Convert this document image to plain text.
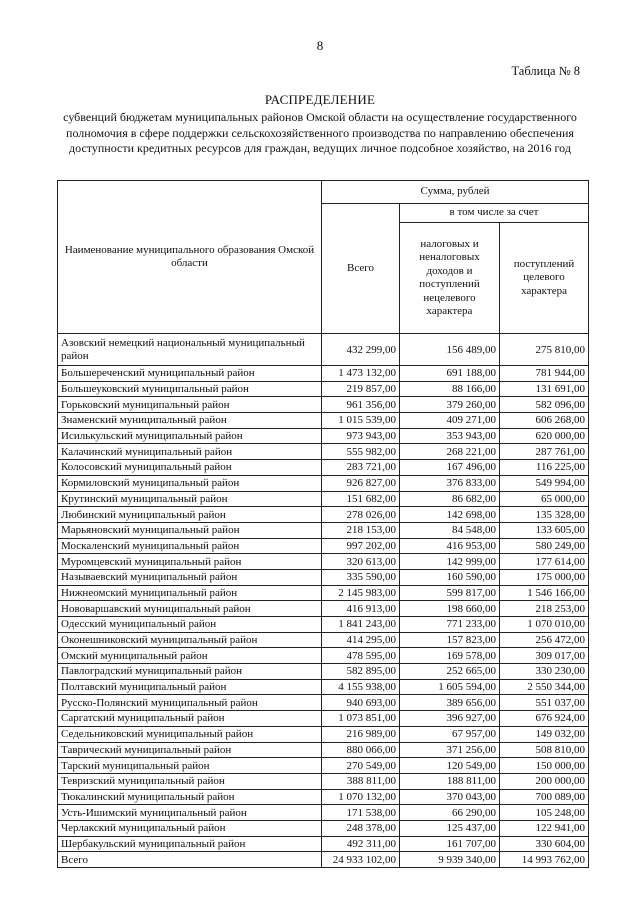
8
Таблица № 8
РАСПРЕДЕЛЕНИЕ
субвенций бюджетам муниципальных районов Омской области на осуществление государственного полномочия в сфере поддержки сельскохозяйственного производства по направлению обеспечения доступности кредитных ресурсов для граждан, ведущих личное подсобное хозяйство, на 2016 год
Наименование муниципального образования Омской области	Сумма, рублей		
	Всего	в том числе за счет	
		налоговых и неналоговых доходов и поступлений нецелевого характера	поступлений целевого характера
Азовский немецкий национальный муниципальный район	432 299,00	156 489,00	275 810,00
Большереченский муниципальный район	1 473 132,00	691 188,00	781 944,00
Большеуковский муниципальный район	219 857,00	88 166,00	131 691,00
Горьковский муниципальный район	961 356,00	379 260,00	582 096,00
Знаменский муниципальный район	1 015 539,00	409 271,00	606 268,00
Исилькульский муниципальный район	973 943,00	353 943,00	620 000,00
Калачинский муниципальный район	555 982,00	268 221,00	287 761,00
Колосовский муниципальный район	283 721,00	167 496,00	116 225,00
Кормиловский муниципальный район	926 827,00	376 833,00	549 994,00
Крутинский муниципальный район	151 682,00	86 682,00	65 000,00
Любинский муниципальный район	278 026,00	142 698,00	135 328,00
Марьяновский муниципальный район	218 153,00	84 548,00	133 605,00
Москаленский муниципальный район	997 202,00	416 953,00	580 249,00
Муромцевский муниципальный район	320 613,00	142 999,00	177 614,00
Называевский муниципальный район	335 590,00	160 590,00	175 000,00
Нижнеомский муниципальный район	2 145 983,00	599 817,00	1 546 166,00
Нововаршавский муниципальный район	416 913,00	198 660,00	218 253,00
Одесский муниципальный район	1 841 243,00	771 233,00	1 070 010,00
Оконешниковский муниципальный район	414 295,00	157 823,00	256 472,00
Омский муниципальный район	478 595,00	169 578,00	309 017,00
Павлоградский муниципальный район	582 895,00	252 665,00	330 230,00
Полтавский муниципальный район	4 155 938,00	1 605 594,00	2 550 344,00
Русско-Полянский муниципальный район	940 693,00	389 656,00	551 037,00
Саргатский муниципальный район	1 073 851,00	396 927,00	676 924,00
Седельниковский муниципальный район	216 989,00	67 957,00	149 032,00
Таврический муниципальный район	880 066,00	371 256,00	508 810,00
Тарский муниципальный район	270 549,00	120 549,00	150 000,00
Тевризский муниципальный район	388 811,00	188 811,00	200 000,00
Тюкалинский муниципальный район	1 070 132,00	370 043,00	700 089,00
Усть-Ишимский муниципальный район	171 538,00	66 290,00	105 248,00
Черлакский муниципальный район	248 378,00	125 437,00	122 941,00
Шербакульский муниципальный район	492 311,00	161 707,00	330 604,00
Всего	24 933 102,00	9 939 340,00	14 993 762,00
